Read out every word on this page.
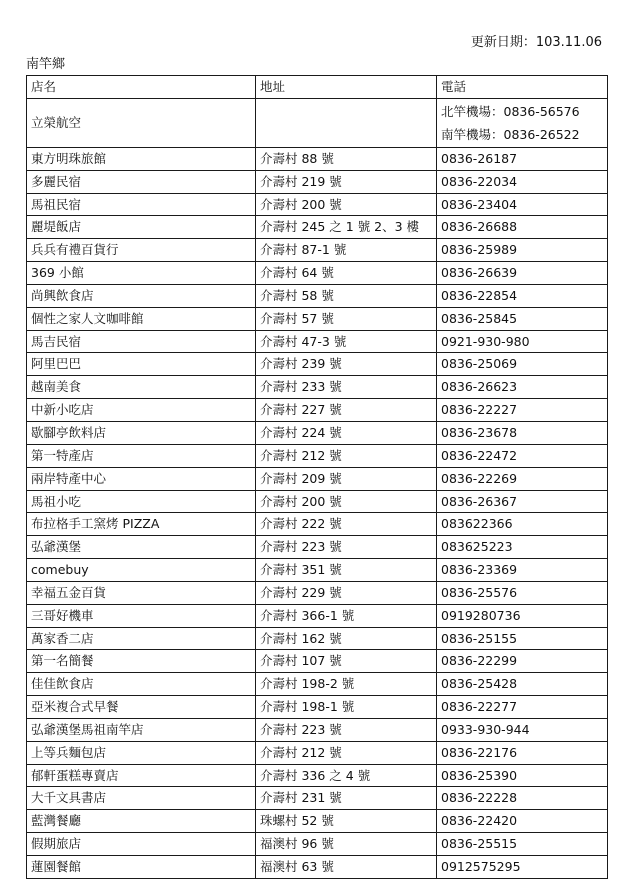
更新日期：103.11.06
南竿鄉
店名	地址	電話
立榮航空		北竿機場：0836-56576
南竿機場：0836-26522

東方明珠旅館	介壽村 88 號	0836-26187
多麗民宿	介壽村 219 號	0836-22034
馬祖民宿	介壽村 200 號	0836-23404
麗堤飯店	介壽村 245 之 1 號 2、3 樓	0836-26688
兵兵有禮百貨行	介壽村 87-1 號	0836-25989
369 小館	介壽村 64 號	0836-26639
尚興飲食店	介壽村 58 號	0836-22854
個性之家人文咖啡館	介壽村 57 號	0836-25845
馬吉民宿	介壽村 47-3 號	0921-930-980
阿里巴巴	介壽村 239 號	0836-25069
越南美食	介壽村 233 號	0836-26623
中新小吃店	介壽村 227 號	0836-22227
歇腳亭飲料店	介壽村 224 號	0836-23678
第一特產店	介壽村 212 號	0836-22472
兩岸特產中心	介壽村 209 號	0836-22269
馬祖小吃	介壽村 200 號	0836-26367
布拉格手工窯烤 PIZZA	介壽村 222 號	083622366
弘爺漢堡	介壽村 223 號	083625223
comebuy	介壽村 351 號	0836-23369
幸福五金百貨	介壽村 229 號	0836-25576
三哥好機車	介壽村 366-1 號	0919280736
萬家香二店	介壽村 162 號	0836-25155
第一名簡餐	介壽村 107 號	0836-22299
佳佳飲食店	介壽村 198-2 號	0836-25428
亞米複合式早餐	介壽村 198-1 號	0836-22277
弘爺漢堡馬祖南竿店	介壽村 223 號	0933-930-944
上等兵麵包店	介壽村 212 號	0836-22176
郁軒蛋糕專賣店	介壽村 336 之 4 號	0836-25390
大千文具書店	介壽村 231 號	0836-22228
藍灣餐廳	珠螺村 52 號	0836-22420
假期旅店	福澳村 96 號	0836-25515
蓮園餐館	福澳村 63 號	0912575295
